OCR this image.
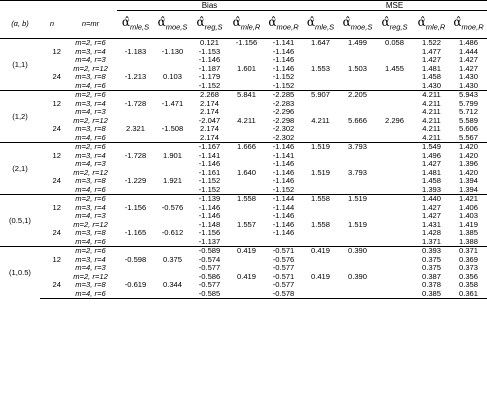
			Bias					MSE				
(α, b)	n	n=mr	$\alphâ_{mle,S}$	$\alphâ_{moe,S}$	$\alphâ_{reg,S}$	$\alphâ_{mle,R}$	$\alphâ_{moe,R}$	$\alphâ_{mle,S}$	$\alphâ_{moe,S}$	$\alphâ_{reg,S}$	$\alphâ_{mle,R}$	$\alphâ_{moe,R}$
(1,1)		m=2, r=6			0.121	-1.156	-1.141	1.647	1.499	0.058	1.522	1.486
	12	m=3, r=4	-1.183	-1.130	-1.153		-1.146				1.477	1.444
		m=4, r=3			-1.146		-1.146				1.427	1.427
		m=2, r=12			-1.187	1.601	-1.146	1.553	1.503	1.455	1.481	1.427
	24	m=3, r=8	-1.213	0.103	-1.179		-1.152				1.458	1.430
		m=4, r=6			-1.152		-1.152				1.430	1.430
(1,2)		m=2, r=6			2.268	5.841	-2.285	5.907	2.205		4.211	5.943
	12	m=3, r=4	-1.728	-1.471	2.174		-2.283				4.211	5.799
		m=4, r=3			2.174		-2.296				4.211	5.712
		m=2, r=12			-2.047	4.211	-2.298	4.211	5.666	2.296	4.211	5.589
	24	m=3, r=8	2.321	-1.508	2.174		-2.302				4.211	5.606
		m=4, r=6			2.174		-2.302				4.211	5.567
(2,1)		m=2, r=6			-1.167	1.666	-1.146	1.519	3.793		1.549	1.420
	12	m=3, r=4	-1.728	1.901	-1.141		-1.141				1.496	1.420
		m=4, r=3			-1.146		-1.146				1.427	1.396
		m=2, r=12			-1.161	1.640	-1.146	1.519	3.793		1.481	1.420
	24	m=3, r=8	-1.229	1.921	-1.152		-1.146				1.458	1.394
		m=4, r=6			-1.152		-1.152				1.393	1.394
(0.5,1)		m=2, r=6			-1.139	1.558	-1.144	1.558	1.519		1.440	1.421
	12	m=3, r=4	-1.156	-0.576	-1.146		-1.144				1.427	1.406
		m=4, r=3			-1.146		-1.146				1.427	1.403
		m=2, r=12			-1.148	1.557	-1.146	1.558	1.519		1.431	1.419
	24	m=3, r=8	-1.165	-0.612	-1.156		-1.146				1.428	1.385
		m=4, r=6			-1.137						1.371	1.388
(1,0.5)		m=2, r=6			-0.589	0.419	-0.571	0.419	0.390		0.393	0.371
	12	m=3, r=4	-0.598	0.375	-0.574		-0.576				0.375	0.369
		m=4, r=3			-0.577		-0.577				0.375	0.373
		m=2, r=12			-0.586	0.419	-0.571	0.419	0.390		0.387	0.356
	24	m=3, r=8	-0.619	0.344	-0.577		-0.577				0.378	0.358
		m=4, r=6			-0.585		-0.578				0.385	0.361
